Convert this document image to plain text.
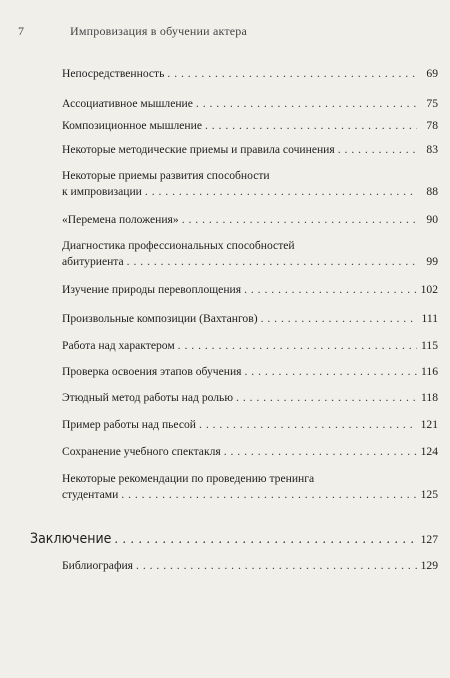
7	Импровизация в обучении актера
Непосредственность . . .	69
Ассоциативное мышление . . .	75
Композиционное мышление . . .	78
Некоторые методические приемы и правила сочинения . . .	83
Некоторые приемы развития способности
к импровизации . . .	88
«Перемена положения» . . .	90
Диагностика профессиональных способностей
абитуриента . . .	99
Изучение природы перевоплощения . . .	102
Произвольные композиции (Вахтангов) . . .	111
Работа над характером . . .	115
Проверка освоения этапов обучения . . .	116
Этюдный метод работы над ролью . . .	118
Пример работы над пьесой . . .	121
Сохранение учебного спектакля . . .	124
Некоторые рекомендации по проведению тренинга
студентами . . .	125
Заключение . . .	127
Библиография . . .	129
